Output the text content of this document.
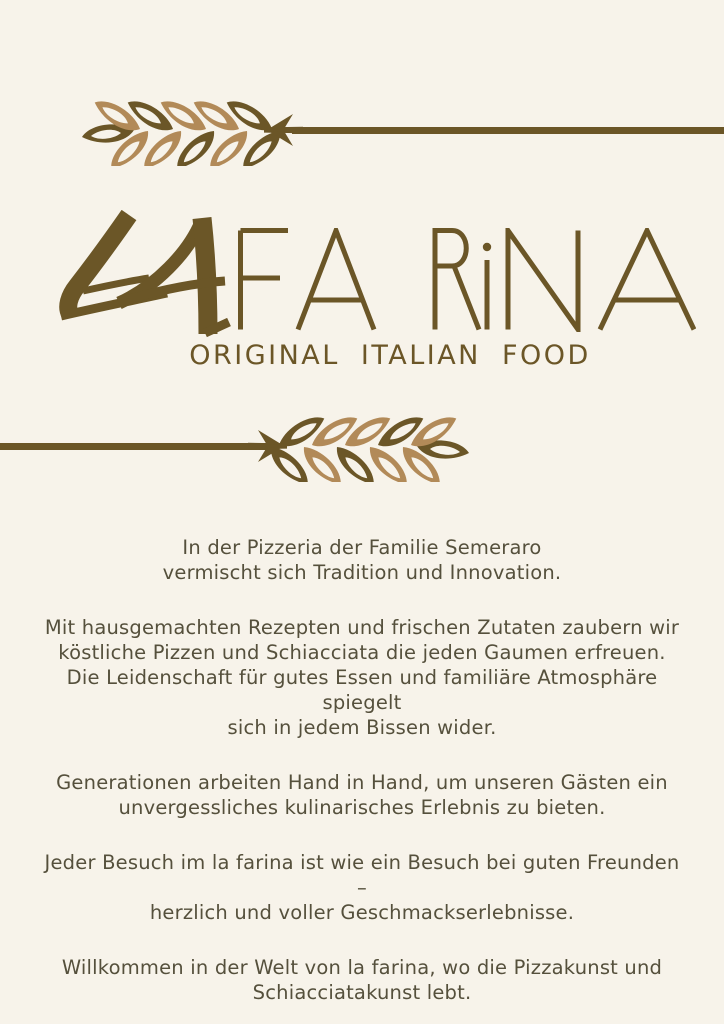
ORIGINAL ITALIAN FOOD

In der Pizzeria der Familie Semeraro
vermischt sich Tradition und Innovation.

Mit hausgemachten Rezepten und frischen Zutaten zaubern wir
köstliche Pizzen und Schiacciata die jeden Gaumen erfreuen.
Die Leidenschaft für gutes Essen und familiäre Atmosphäre spiegelt
sich in jedem Bissen wider.

Generationen arbeiten Hand in Hand, um unseren Gästen ein
unvergessliches kulinarisches Erlebnis zu bieten.

Jeder Besuch im la farina ist wie ein Besuch bei guten Freunden –
herzlich und voller Geschmackserlebnisse.

Willkommen in der Welt von la farina, wo die Pizzakunst und
Schiacciatakunst lebt.
